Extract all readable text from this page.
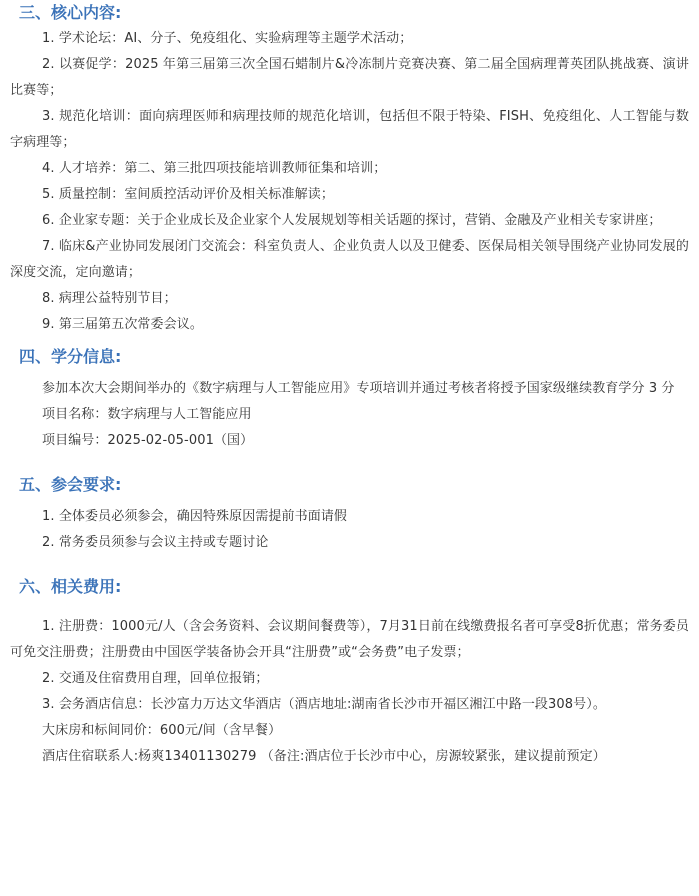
三、核心内容:

1. 学术论坛：AI、分子、免疫组化、实验病理等主题学术活动；

2. 以赛促学：2025 年第三届第三次全国石蜡制片&冷冻制片竞赛决赛、第二届全国病理菁英团队挑战赛、演讲比赛等；

3. 规范化培训：面向病理医师和病理技师的规范化培训，包括但不限于特染、FISH、免疫组化、人工智能与数字病理等；

4. 人才培养：第二、第三批四项技能培训教师征集和培训；

5. 质量控制：室间质控活动评价及相关标准解读；

6. 企业家专题：关于企业成长及企业家个人发展规划等相关话题的探讨，营销、金融及产业相关专家讲座；

7. 临床&产业协同发展闭门交流会：科室负责人、企业负责人以及卫健委、医保局相关领导围绕产业协同发展的深度交流，定向邀请；

8. 病理公益特别节目；

9. 第三届第五次常委会议。

四、学分信息:

参加本次大会期间举办的《数字病理与人工智能应用》专项培训并通过考核者将授予国家级继续教育学分 3 分

项目名称：数字病理与人工智能应用

项目编号：2025-02-05-001（国）

五、参会要求:

1. 全体委员必须参会，确因特殊原因需提前书面请假

2. 常务委员须参与会议主持或专题讨论

六、相关费用:

1. 注册费：1000元/人（含会务资料、会议期间餐费等），7月31日前在线缴费报名者可享受8折优惠；常务委员可免交注册费；注册费由中国医学装备协会开具“注册费”或“会务费”电子发票；

2. 交通及住宿费用自理，回单位报销；

3. 会务酒店信息：长沙富力万达文华酒店（酒店地址:湖南省长沙市开福区湘江中路一段308号）。

大床房和标间同价：600元/间（含早餐）

酒店住宿联系人:杨爽13401130279 （备注:酒店位于长沙市中心，房源较紧张，建议提前预定）
